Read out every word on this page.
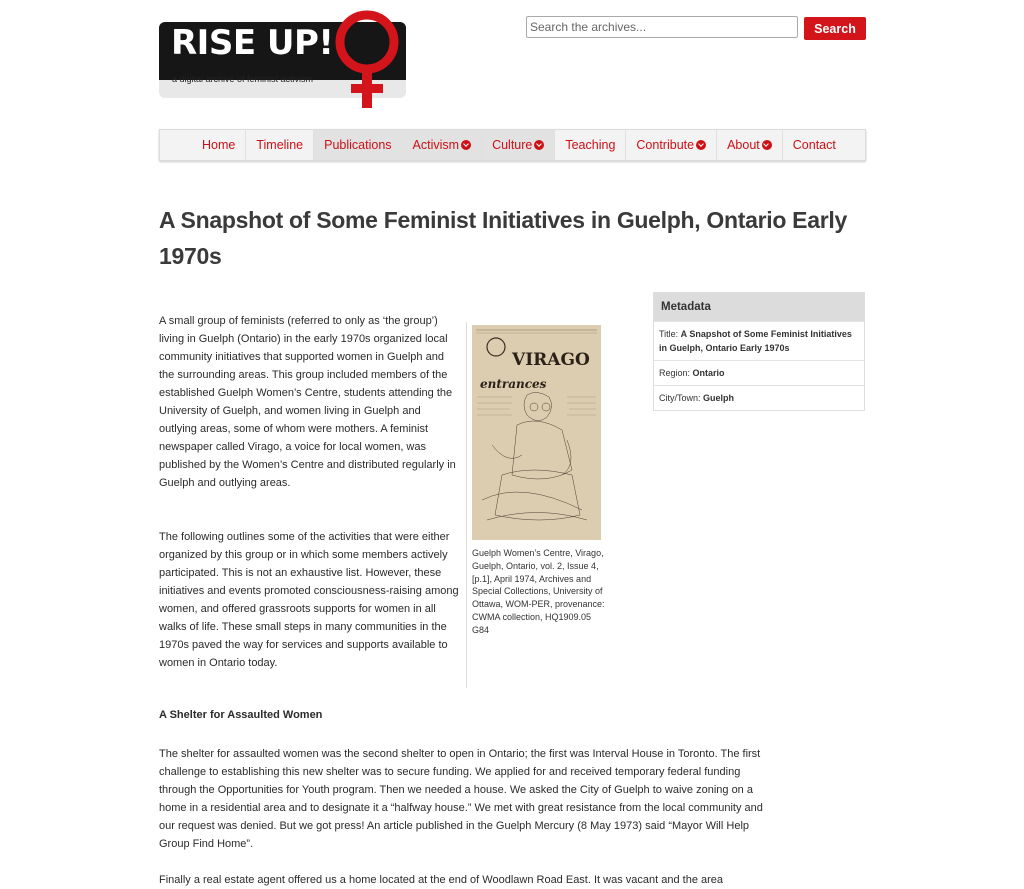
RISE UP!
a digital archive of feminist activism
Search the archives...
Search
Home Timeline Publications Activism	Culture	Teaching Contribute	About	Contact
A Snapshot of Some Feminist Initiatives in Guelph, Ontario Early 1970s

A small group of feminists (referred to only as ‘the group’) living in Guelph (Ontario) in the early 1970s organized local community initiatives that supported women in Guelph and the surrounding areas. This group included members of the established Guelph Women’s Centre, students attending the University of Guelph, and women living in Guelph and outlying areas, some of whom were mothers. A feminist newspaper called Virago, a voice for local women, was published by the Women’s Centre and distributed regularly in Guelph and outlying areas.

The following outlines some of the activities that were either organized by this group or in which some members actively participated. This is not an exhaustive list. However, these initiatives and events promoted consciousness-raising among women, and offered grassroots supports for women in all walks of life. These small steps in many communities in the 1970s paved the way for services and supports available to women in Ontario today.

A Shelter for Assaulted Women

The shelter for assaulted women was the second shelter to open in Ontario; the first was Interval House in Toronto. The first challenge to establishing this new shelter was to secure funding. We applied for and received temporary federal funding through the Opportunities for Youth program. Then we needed a house. We asked the City of Guelph to waive zoning on a home in a residential area and to designate it a “halfway house.” We met with great resistance from the local community and our request was denied. But we got press! An article published in the Guelph Mercury (8 May 1973) said “Mayor Will Help Group Find Home”.

Finally a real estate agent offered us a home located at the end of Woodlawn Road East. It was vacant and the area

VIRAGO
entrances

Guelph Women’s Centre, Virago, Guelph, Ontario, vol. 2, Issue 4, [p.1], April 1974, Archives and Special Collections, University of Ottawa, WOM-PER, provenance: CWMA collection, HQ1909.05 G84

Metadata
Title: A Snapshot of Some Feminist Initiatives in Guelph, Ontario Early 1970s
Region: Ontario
City/Town: Guelph
